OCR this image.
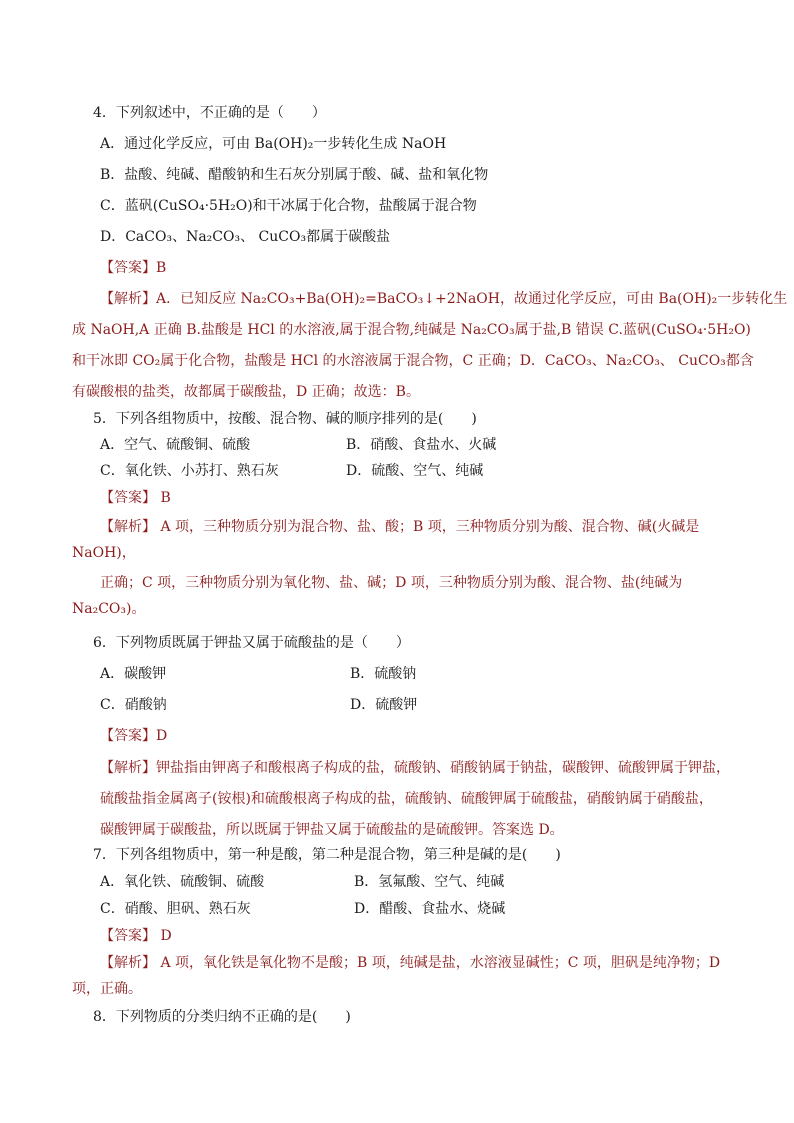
4．下列叙述中，不正确的是（　　）
A．通过化学反应，可由 Ba(OH)₂一步转化生成 NaOH
B．盐酸、纯碱、醋酸钠和生石灰分别属于酸、碱、盐和氧化物
C．蓝矾(CuSO₄·5H₂O)和干冰属于化合物，盐酸属于混合物
D．CaCO₃、Na₂CO₃、 CuCO₃都属于碳酸盐
【答案】B
【解析】A．已知反应 Na₂CO₃+Ba(OH)₂=BaCO₃↓+2NaOH，故通过化学反应，可由 Ba(OH)₂一步转化生
成 NaOH,A 正确 B.盐酸是 HCl 的水溶液,属于混合物,纯碱是 Na₂CO₃属于盐,B 错误 C.蓝矾(CuSO₄·5H₂O)
和干冰即 CO₂属于化合物，盐酸是 HCl 的水溶液属于混合物，C 正确；D．CaCO₃、Na₂CO₃、 CuCO₃都含
有碳酸根的盐类，故都属于碳酸盐，D 正确；故选：B。
5．下列各组物质中，按酸、混合物、碱的顺序排列的是(　　)
A．空气、硫酸铜、硫酸	B．硝酸、食盐水、火碱
C．氧化铁、小苏打、熟石灰	D．硫酸、空气、纯碱
【答案】 B
【解析】 A 项，三种物质分别为混合物、盐、酸；B 项，三种物质分别为酸、混合物、碱(火碱是
NaOH)，
正确；C 项，三种物质分别为氧化物、盐、碱；D 项，三种物质分别为酸、混合物、盐(纯碱为
Na₂CO₃)。
6．下列物质既属于钾盐又属于硫酸盐的是（　　）
A．碳酸钾	B．硫酸钠
C．硝酸钠	D．硫酸钾
【答案】D
【解析】钾盐指由钾离子和酸根离子构成的盐，硫酸钠、硝酸钠属于钠盐，碳酸钾、硫酸钾属于钾盐，
硫酸盐指金属离子(铵根)和硫酸根离子构成的盐，硫酸钠、硫酸钾属于硫酸盐，硝酸钠属于硝酸盐，
碳酸钾属于碳酸盐，所以既属于钾盐又属于硫酸盐的是硫酸钾。答案选 D。
7．下列各组物质中，第一种是酸，第二种是混合物，第三种是碱的是(　　)
A．氧化铁、硫酸铜、硫酸	B．氢氟酸、空气、纯碱
C．硝酸、胆矾、熟石灰	D．醋酸、食盐水、烧碱
【答案】 D
【解析】 A 项，氧化铁是氧化物不是酸；B 项，纯碱是盐，水溶液显碱性；C 项，胆矾是纯净物；D
项，正确。
8．下列物质的分类归纳不正确的是(　　)
